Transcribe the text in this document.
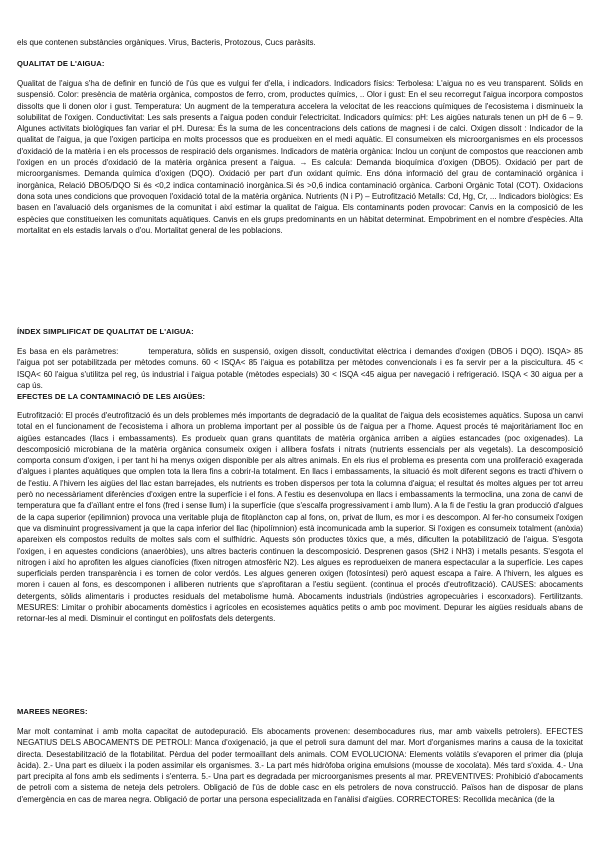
els que contenen substàncies orgàniques. Virus, Bacteris, Protozous, Cucs paràsits.

QUALITAT DE L'AIGUA:

Qualitat de l'aigua s'ha de definir en funció de l'ús que es vulgui fer d'ella, i indicadors. Indicadors físics: Terbolesa: L'aigua no es veu transparent. Sòlids en suspensió. Color: presència de matèria orgànica, compostos de ferro, crom, productes químics, .. Olor i gust: En el seu recorregut l'aigua incorpora compostos dissolts que li donen olor i gust. Temperatura: Un augment de la temperatura accelera la velocitat de les reaccions químiques de l'ecosistema i disminueix la solubilitat de l'oxigen. Conductivitat: Les sals presents a l'aigua poden conduir l'electricitat. Indicadors químics: pH: Les aigües naturals tenen un pH de 6 – 9. Algunes activitats biològiques fan variar el pH. Duresa: És la suma de les concentracions dels cations de magnesi i de calci. Oxigen dissolt : Indicador de la qualitat de l'aigua, ja que l'oxigen participa en molts processos que es produeixen en el medi aquàtic. El consumeixen els microorganismes en els processos d'oxidació de la matèria i en els processos de respiració dels organismes. Indicadors de matèria orgànica: Inclou un conjunt de compostos que reaccionen amb l'oxigen en un procés d'oxidació de la matèria orgànica present a l'aigua. → Es calcula: Demanda bioquímica d'oxigen (DBO5). Oxidació per part de microorganismes. Demanda química d'oxigen (DQO). Oxidació per part d'un oxidant químic. Ens dóna informació del grau de contaminació orgànica i inorgànica, Relació DBO5/DQO Si és <0,2 indica contaminació inorgànica.Si és >0,6 indica contaminació orgànica. Carboni Orgànic Total (COT). Oxidacions dona sota unes condicions que provoquen l'oxidació total de la matèria orgànica. Nutrients (N i P) – Eutrofització Metalls: Cd, Hg, Cr, ... Indicadors biològics: Es basen en l'avaluació dels organismes de la comunitat i així estimar la qualitat de l'aigua. Els contaminants poden provocar: Canvis en la composició de les espècies que constitueixen les comunitats aquàtiques. Canvis en els grups predominants en un hàbitat determinat. Empobriment en el nombre d'espècies. Alta mortalitat en els estadis larvals o d'ou. Mortalitat general de les poblacions.

ÍNDEX SIMPLIFICAT DE QUALITAT DE L'AIGUA:

Es basa en els paràmetres:	temperatura, sòlids en suspensió, oxigen dissolt, conductivitat elèctrica i demandes d'oxigen (DBO5 i DQO). ISQA> 85 l'aigua pot ser potabilitzada per mètodes comuns. 60 < ISQA< 85 l'aigua es potabilitza per mètodes convencionals i es fa servir per a la piscicultura. 45 < ISQA< 60 l'aigua s'utilitza pel reg, ús industrial i l'aigua potable (mètodes especials) 30 < ISQA <45 aigua per navegació i refrigeració. ISQA < 30 aigua per a cap ús.

EFECTES DE LA CONTAMINACIÓ DE LES AIGÜES:

Eutrofització: El procés d'eutrofització és un dels problemes més importants de degradació de la qualitat de l'aigua dels ecosistemes aquàtics. Suposa un canvi total en el funcionament de l'ecosistema i alhora un problema important per al possible ús de l'aigua per a l'home. Aquest procés té majoritàriament lloc en aigües estancades (llacs i embassaments). Es produeix quan grans quantitats de matèria orgànica arriben a aigües estancades (poc oxigenades). La descomposició microbiana de la matèria orgànica consumeix oxigen i allibera fosfats i nitrats (nutrients essencials per als vegetals). La descomposició comporta consum d'oxigen, i per tant hi ha menys oxigen disponible per als altres animals. En els rius el problema es presenta com una proliferació exagerada d'algues i plantes aquàtiques que omplen tota la llera fins a cobrir-la totalment. En llacs i embassaments, la situació és molt diferent segons es tracti d'hivern o de l'estiu. A l'hivern les aigües del llac estan barrejades, els nutrients es troben dispersos per tota la columna d'aigua; el resultat és moltes algues per tot arreu però no necessàriament diferències d'oxigen entre la superfície i el fons. A l'estiu es desenvolupa en llacs i embassaments la termoclina, una zona de canvi de temperatura que fa d'aïllant entre el fons (fred i sense llum) i la superfície (que s'escalfa progressivament i amb llum). A la fi de l'estiu la gran producció d'algues de la capa superior (epilimnion) provoca una veritable pluja de fitoplàncton cap al fons, on, privat de llum, es mor i es descompon. Al fer-ho consumeix l'oxigen que va disminuint progressivament ja que la capa inferior del llac (hipolímnion) està incomunicada amb la superior. Si l'oxigen es consumeix totalment (anòxia) apareixen els compostos reduïts de moltes sals com el sulfhídric. Aquests són productes tòxics que, a més, dificulten la potabilització de l'aigua. S'esgota l'oxigen, i en aquestes condicions (anaeròbies), uns altres bacteris continuen la descomposició. Desprenen gasos (SH2 i NH3) i metalls pesants. S'esgota el nitrogen i així ho aprofiten les algues cianofícies (fixen nitrogen atmosfèric N2). Les algues es reprodueixen de manera espectacular a la superfície. Les capes superficials perden transparència i es tornen de color verdós. Les algues generen oxigen (fotosíntesi) però aquest escapa a l'aire. A l'hivern, les algues es moren i cauen al fons, es descomponen i alliberen nutrients que s'aprofitaran a l'estiu següent. (continua el procés d'eutrofització). CAUSES: abocaments detergents, sòlids alimentaris i productes residuals del metabolisme humà. Abocaments industrials (indústries agropecuàries i escorxadors). Fertilitzants. MESURES: Limitar o prohibir abocaments domèstics i agrícoles en ecosistemes aquàtics petits o amb poc moviment. Depurar les aigües residuals abans de retornar-les al medi. Disminuir el contingut en polifosfats dels detergents.

MAREES NEGRES:

Mar molt contaminat i amb molta capacitat de autodepuració. Els abocaments provenen: desembocadures rius, mar amb vaixells petrolers). EFECTES NEGATIUS DELS ABOCAMENTS DE PETROLI: Manca d'oxigenació, ja que el petroli sura damunt del mar. Mort d'organismes marins a causa de la toxicitat directa. Desestabilització de la flotabilitat. Pèrdua del poder termoaïllant dels animals. COM EVOLUCIONA: Elements volàtils s'evaporen el primer dia (pluja àcida). 2.- Una part es dilueix i la poden assimilar els organismes. 3.- La part més hidròfoba origina emulsions (mousse de xocolata). Més tard s'oxida. 4.- Una part precipita al fons amb els sediments i s'enterra. 5.- Una part es degradada per microorganismes presents al mar. PREVENTIVES: Prohibició d'abocaments de petroli com a sistema de neteja dels petrolers. Obligació de l'ús de doble casc en els petrolers de nova construcció. Països han de disposar de plans d'emergència en cas de marea negra. Obligació de portar una persona especialitzada en l'anàlisi d'aigües. CORRECTORES: Recollida mecànica (de la
